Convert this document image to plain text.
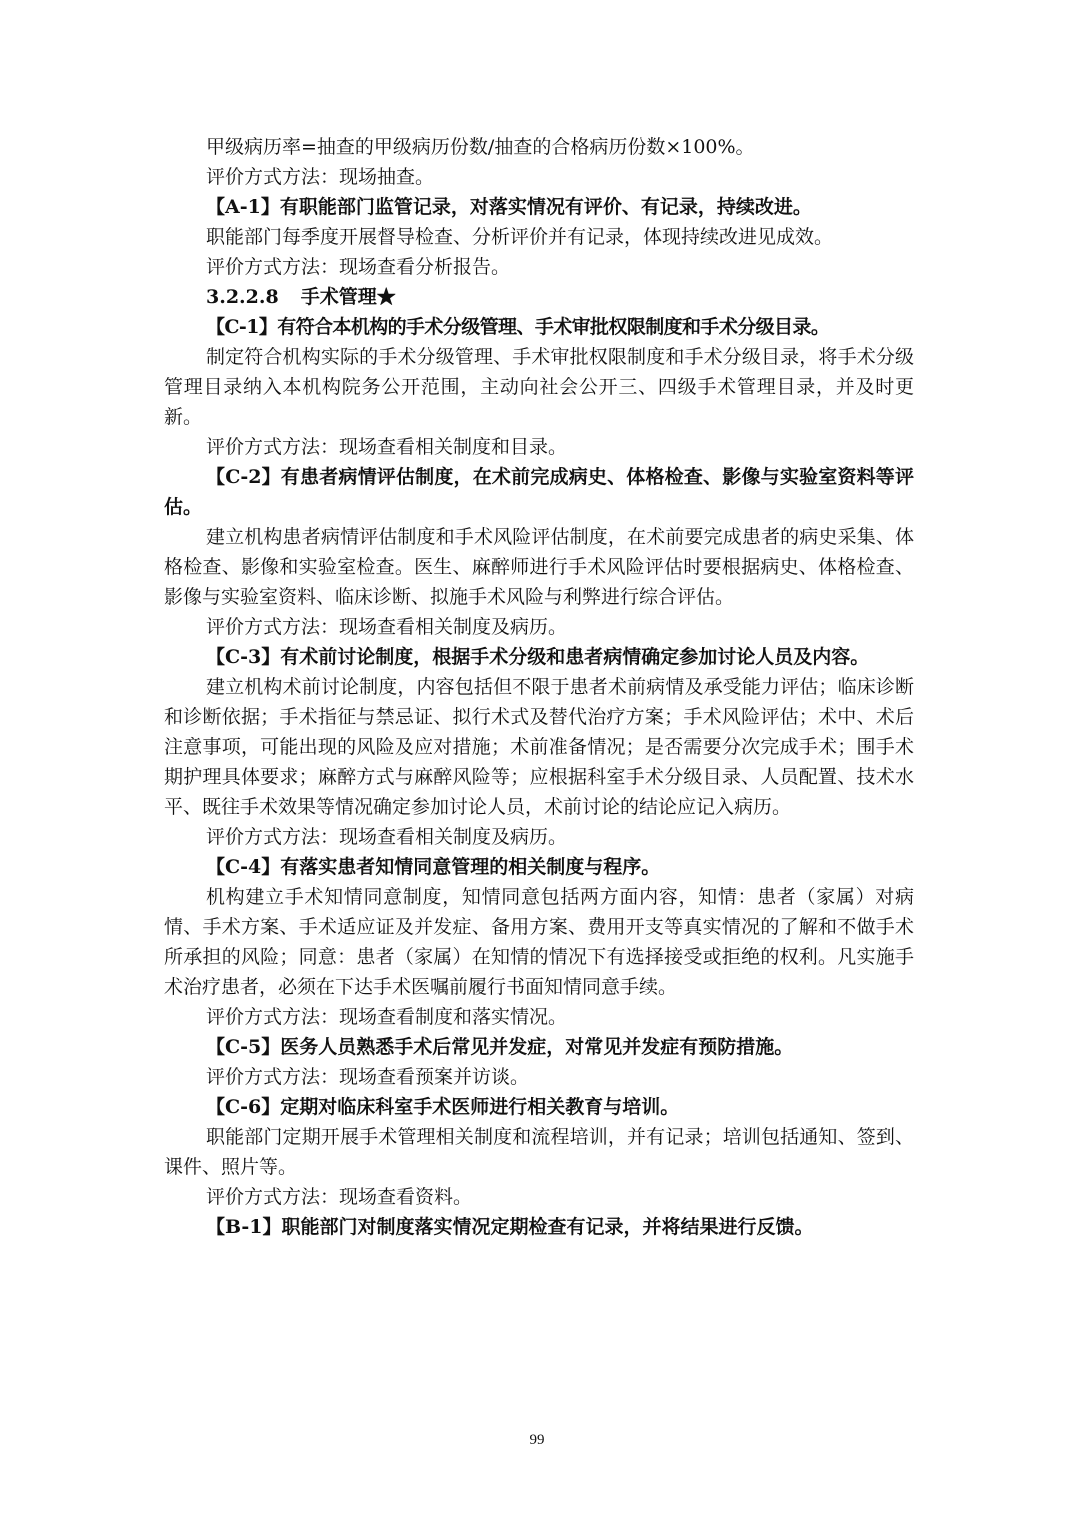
甲级病历率=抽查的甲级病历份数/抽查的合格病历份数×100%。
评价方式方法：现场抽查。
【A-1】有职能部门监管记录，对落实情况有评价、有记录，持续改进。
职能部门每季度开展督导检查、分析评价并有记录，体现持续改进见成效。
评价方式方法：现场查看分析报告。
3.2.2.8 手术管理★
【C-1】有符合本机构的手术分级管理、手术审批权限制度和手术分级目录。

制定符合机构实际的手术分级管理、手术审批权限制度和手术分级目录，将手术分级管理目录纳入本机构院务公开范围，主动向社会公开三、四级手术管理目录，并及时更新。

评价方式方法：现场查看相关制度和目录。

【C-2】有患者病情评估制度，在术前完成病史、体格检查、影像与实验室资料等评估。

建立机构患者病情评估制度和手术风险评估制度，在术前要完成患者的病史采集、体格检查、影像和实验室检查。医生、麻醉师进行手术风险评估时要根据病史、体格检查、影像与实验室资料、临床诊断、拟施手术风险与利弊进行综合评估。

评价方式方法：现场查看相关制度及病历。

【C-3】有术前讨论制度，根据手术分级和患者病情确定参加讨论人员及内容。

建立机构术前讨论制度，内容包括但不限于患者术前病情及承受能力评估；临床诊断和诊断依据；手术指征与禁忌证、拟行术式及替代治疗方案；手术风险评估；术中、术后注意事项，可能出现的风险及应对措施；术前准备情况；是否需要分次完成手术；围手术期护理具体要求；麻醉方式与麻醉风险等；应根据科室手术分级目录、人员配置、技术水平、既往手术效果等情况确定参加讨论人员，术前讨论的结论应记入病历。

评价方式方法：现场查看相关制度及病历。
【C-4】有落实患者知情同意管理的相关制度与程序。

机构建立手术知情同意制度，知情同意包括两方面内容，知情：患者（家属）对病情、手术方案、手术适应证及并发症、备用方案、费用开支等真实情况的了解和不做手术所承担的风险；同意：患者（家属）在知情的情况下有选择接受或拒绝的权利。凡实施手术治疗患者，必须在下达手术医嘱前履行书面知情同意手续。

评价方式方法：现场查看制度和落实情况。
【C-5】医务人员熟悉手术后常见并发症，对常见并发症有预防措施。
评价方式方法：现场查看预案并访谈。
【C-6】定期对临床科室手术医师进行相关教育与培训。

职能部门定期开展手术管理相关制度和流程培训，并有记录；培训包括通知、签到、课件、照片等。

评价方式方法：现场查看资料。
【B-1】职能部门对制度落实情况定期检查有记录，并将结果进行反馈。
99
